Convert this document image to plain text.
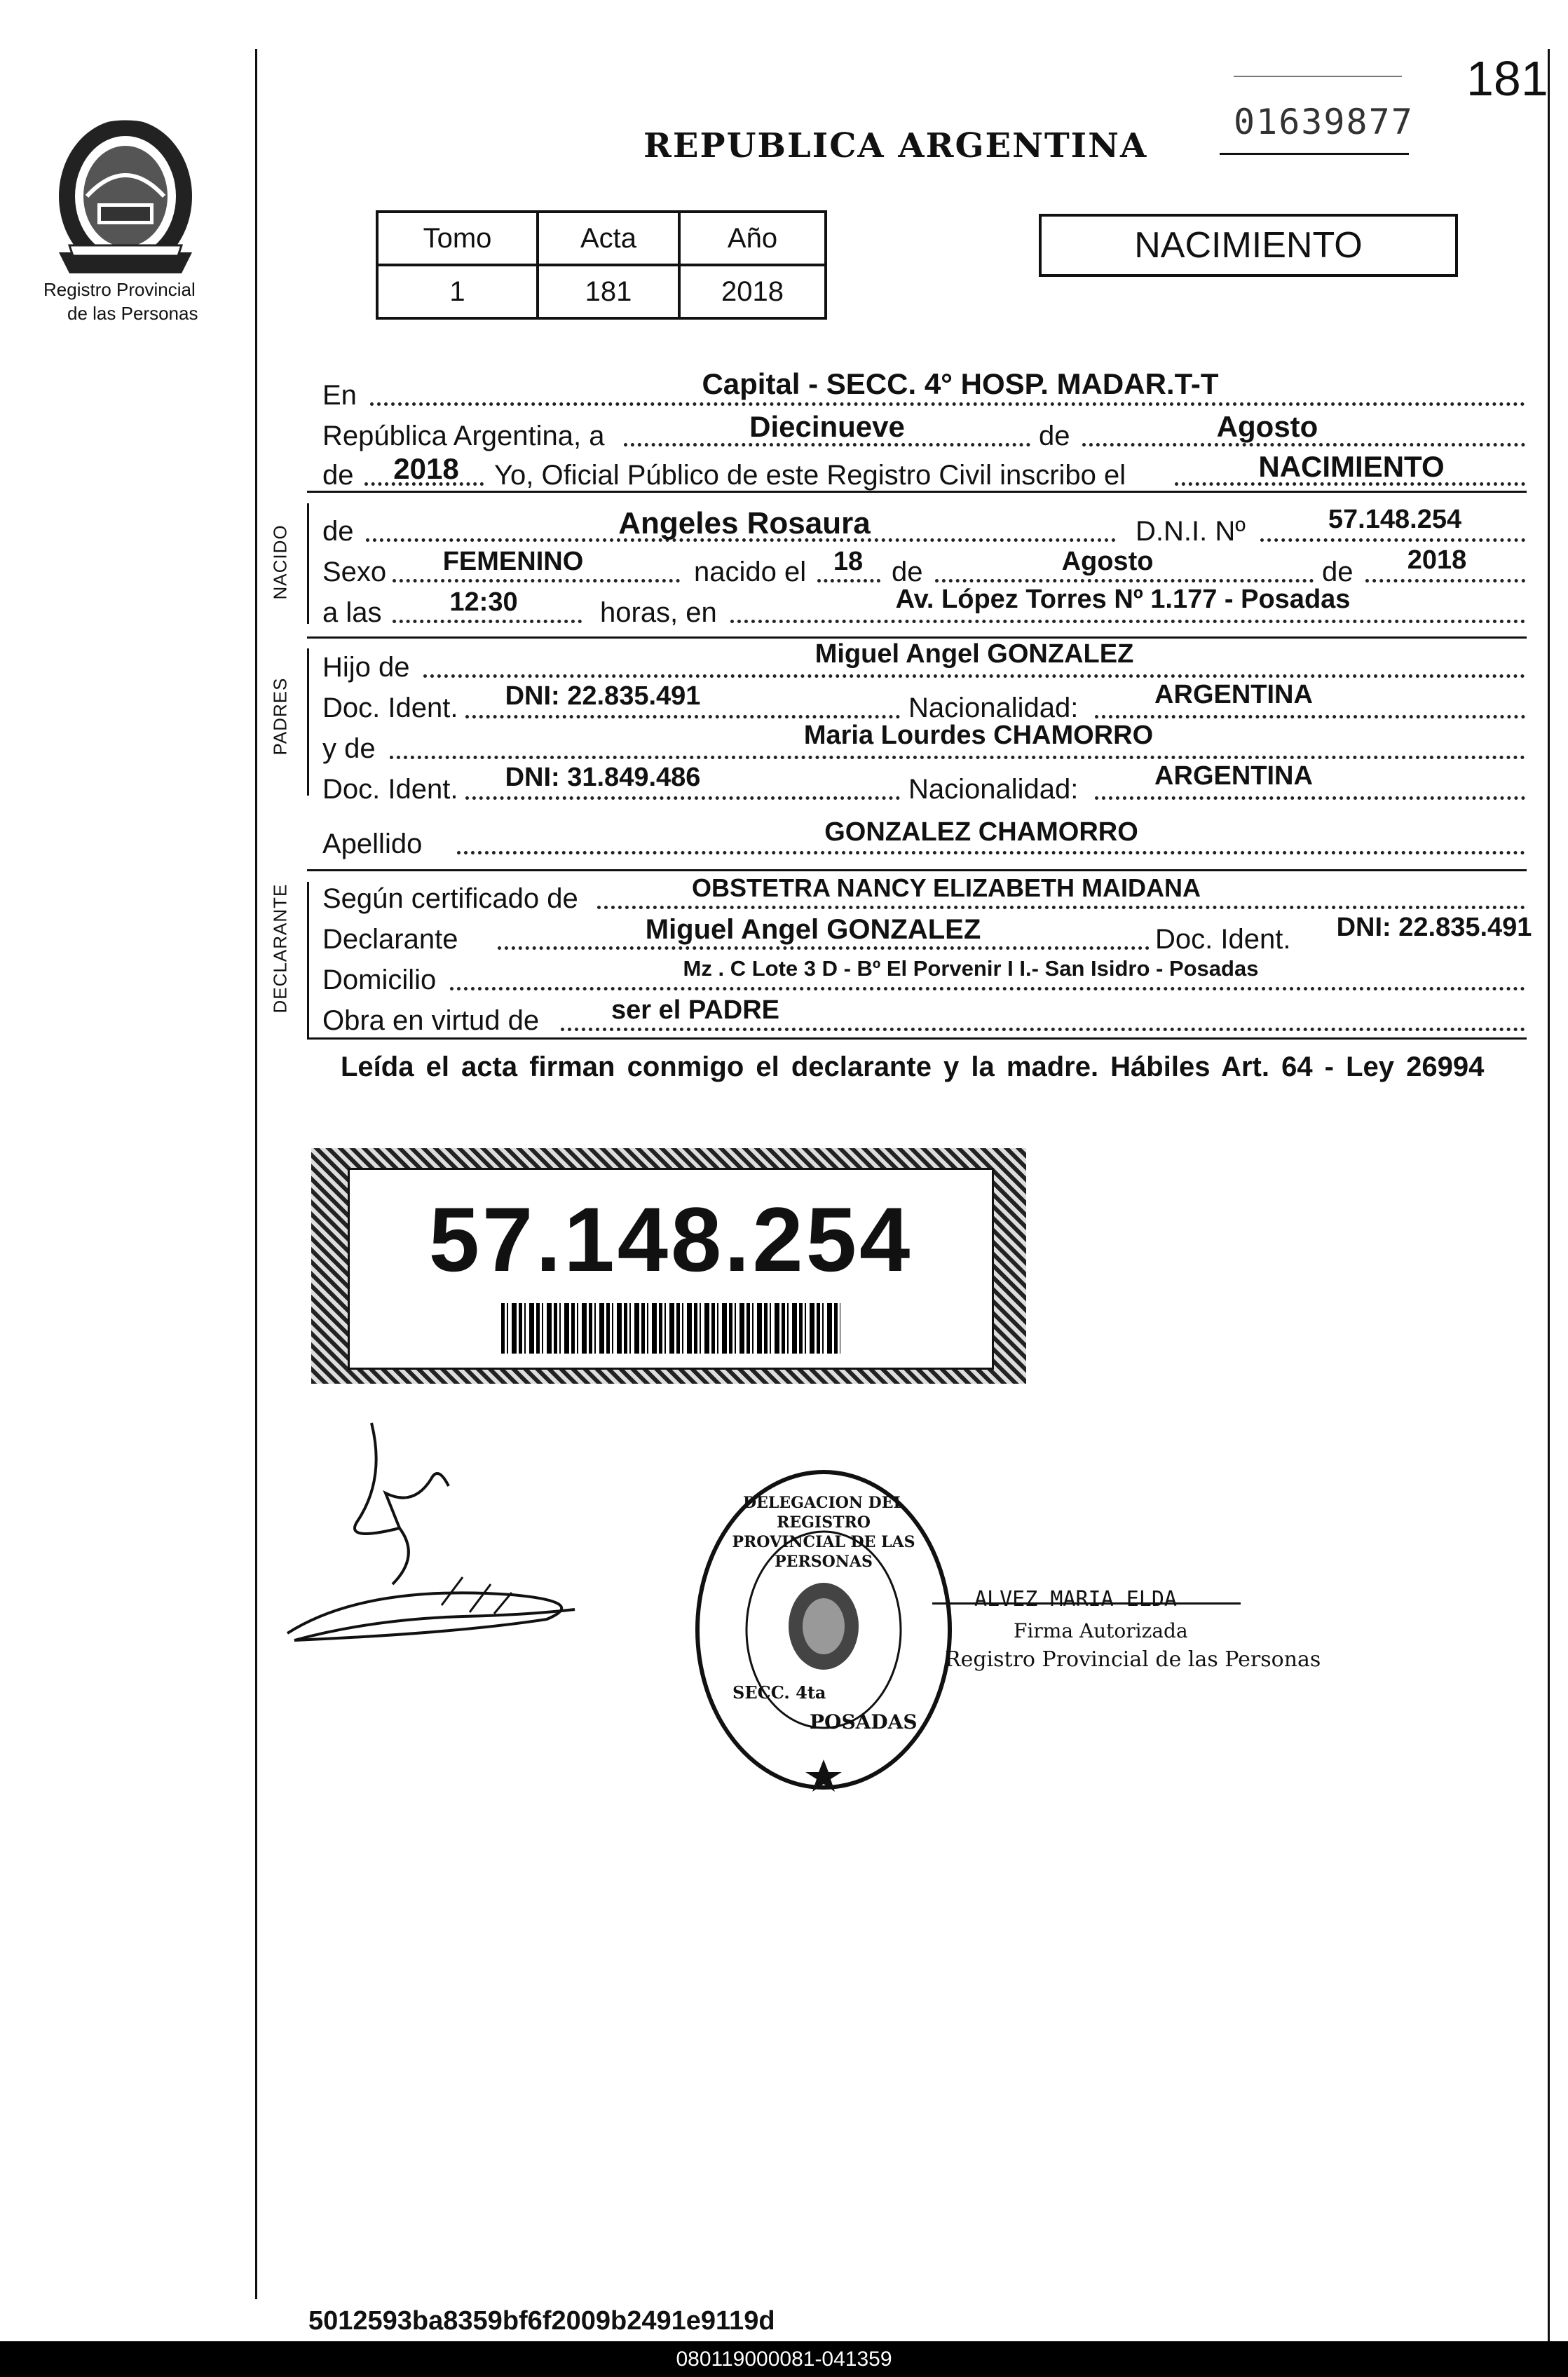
Registro Provincial
de las Personas
REPUBLICA ARGENTINA
181
01639877
Tomo	Acta	Año
1	181	2018
NACIMIENTO
En	Capital - SECC. 4° HOSP. MADAR.T-T
República Argentina, a	Diecinueve	de	Agosto
de 2018 Yo, Oficial Público de este Registro Civil inscribo el	NACIMIENTO
NACIDO de	Angeles Rosaura	D.N.I. Nº	57.148.254
Sexo FEMENINO	nacido el 18 de	Agosto	de 2018
a las	12:30	horas, en	Av. López Torres Nº 1.177 - Posadas
PADRES
Hijo de	Miguel Angel GONZALEZ
Doc. Ident. DNI: 22.835.491	Nacionalidad:	ARGENTINA
y de	Maria Lourdes CHAMORRO
Doc. Ident. DNI: 31.849.486	Nacionalidad:	ARGENTINA
Apellido	GONZALEZ CHAMORRO
DECLARANTE Según certificado de	OBSTETRA NANCY ELIZABETH MAIDANA
Declarante	Miguel Angel GONZALEZ	Doc. Ident. DNI: 22.835.491
Domicilio	Mz . C Lote 3 D - Bº El Porvenir I I.- San Isidro - Posadas
Obra en virtud de	ser el PADRE
Leída el acta firman conmigo el declarante y la madre. Hábiles Art. 64 - Ley 26994
57.148.254
DELEGACION DEL REGISTRO PROVINCIAL DE LAS PERSONAS
SECC. 4ta
POSADAS
ALVEZ MARIA ELDA
Firma Autorizada
Registro Provincial de las Personas
5012593ba8359bf6f2009b2491e9119d
080119000081-041359
